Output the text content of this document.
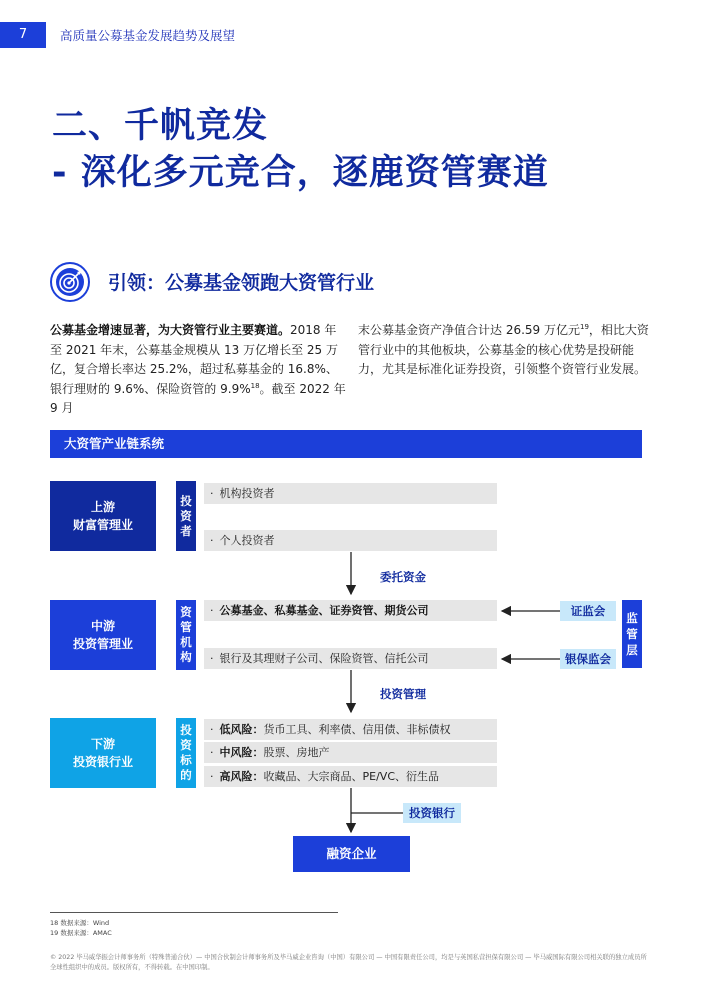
7	高质量公募基金发展趋势及展望
二、千帆竞发
- 深化多元竞合，逐鹿资管赛道
引领：公募基金领跑大资管行业
公募基金增速显著，为大资管行业主要赛道。2018 年至 2021 年末，公募基金规模从 13 万亿增长至 25 万亿，复合增长率达 25.2%，超过私募基金的 16.8%、银行理财的 9.6%、保险资管的 9.9%$^{18}$。截至 2022 年 9 月
末公募基金资产净值合计达 26.59 万亿元$^{19}$，相比大资管行业中的其他板块，公募基金的核心优势是投研能力，尤其是标准化证券投资，引领整个资管行业发展。
大资管产业链系统
上游
财富管理业
投
资
者
· 机构投资者
· 个人投资者
委托资金
中游
投资管理业
资
管
机
构
· 公募基金、私募基金、证券资管、期货公司
· 银行及其理财子公司、保险资管、信托公司
证监会
银保监会
监
管
层
投资管理
下游
投资银行业
投
资
标
的
· 低风险：货币工具、利率债、信用债、非标债权
· 中风险：股票、房地产
· 高风险：收藏品、大宗商品、PE/VC、衍生品
投资银行
融资企业
18 数据来源：Wind
19 数据来源：AMAC
© 2022 毕马威华振会计师事务所（特殊普通合伙）— 中国合伙制会计师事务所及毕马威企业咨询（中国）有限公司 — 中国有限责任公司，均是与英国私营担保有限公司 — 毕马威国际有限公司相关联的独立成员所全球性组织中的成员。版权所有，不得转载。在中国印制。
